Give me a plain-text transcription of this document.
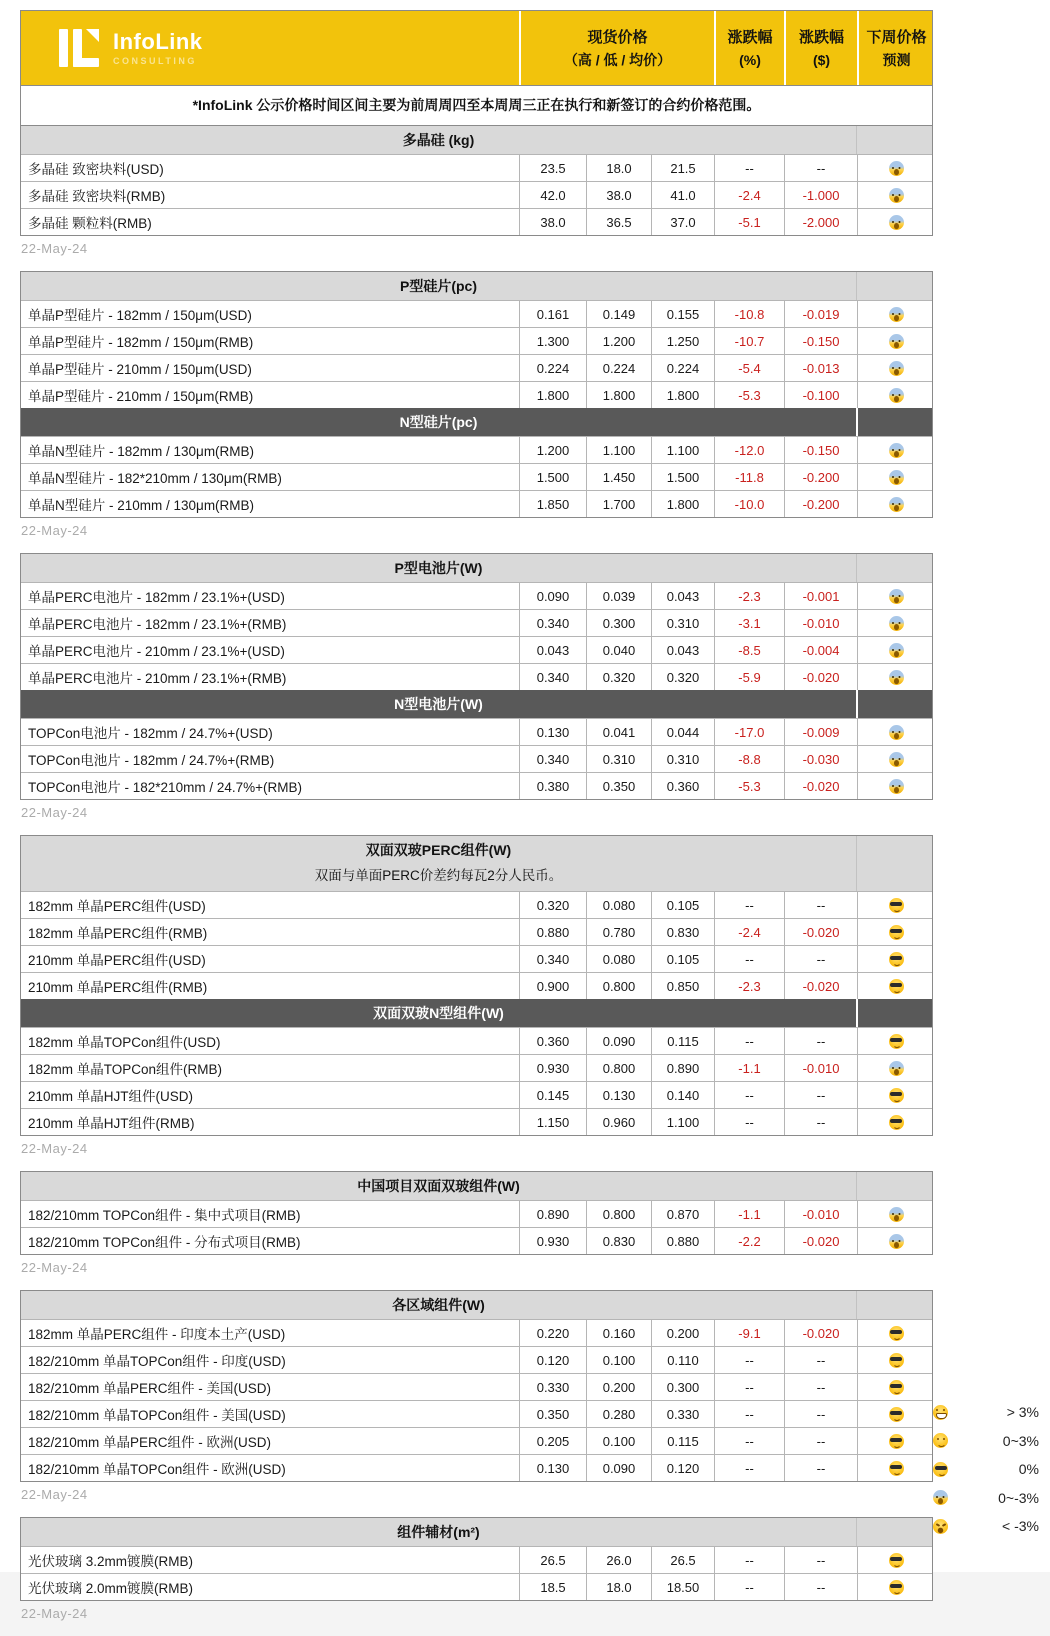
InfoLink
CONSULTING
现货价格
（高 / 低 / 均价）
涨跌幅
(%)
涨跌幅
($)
下周价格
预测
*InfoLink 公示价格时间区间主要为前周周四至本周周三正在执行和新签订的合约价格范围。
多晶硅 (kg)
多晶硅 致密块料(USD)	23.5	18.0	21.5	--	--
多晶硅 致密块料(RMB)	42.0	38.0	41.0	-2.4	-1.000
多晶硅 颗粒料(RMB)	38.0	36.5	37.0	-5.1	-2.000
22-May-24
P型硅片(pc)
单晶P型硅片 - 182mm / 150μm(USD)	0.161	0.149	0.155	-10.8	-0.019
单晶P型硅片 - 182mm / 150μm(RMB)	1.300	1.200	1.250	-10.7	-0.150
单晶P型硅片 - 210mm / 150μm(USD)	0.224	0.224	0.224	-5.4	-0.013
单晶P型硅片 - 210mm / 150μm(RMB)	1.800	1.800	1.800	-5.3	-0.100
N型硅片(pc)
单晶N型硅片 - 182mm / 130μm(RMB)	1.200	1.100	1.100	-12.0	-0.150
单晶N型硅片 - 182*210mm / 130μm(RMB)	1.500	1.450	1.500	-11.8	-0.200
单晶N型硅片 - 210mm / 130μm(RMB)	1.850	1.700	1.800	-10.0	-0.200
22-May-24
P型电池片(W)
单晶PERC电池片 - 182mm / 23.1%+(USD)	0.090	0.039	0.043	-2.3	-0.001
单晶PERC电池片 - 182mm / 23.1%+(RMB)	0.340	0.300	0.310	-3.1	-0.010
单晶PERC电池片 - 210mm / 23.1%+(USD)	0.043	0.040	0.043	-8.5	-0.004
单晶PERC电池片 - 210mm / 23.1%+(RMB)	0.340	0.320	0.320	-5.9	-0.020
N型电池片(W)
TOPCon电池片 - 182mm / 24.7%+(USD)	0.130	0.041	0.044	-17.0	-0.009
TOPCon电池片 - 182mm / 24.7%+(RMB)	0.340	0.310	0.310	-8.8	-0.030
TOPCon电池片 - 182*210mm / 24.7%+(RMB)	0.380	0.350	0.360	-5.3	-0.020
22-May-24
双面双玻PERC组件(W)
双面与单面PERC价差约每瓦2分人民币。
182mm 单晶PERC组件(USD)	0.320	0.080	0.105	--	--
182mm 单晶PERC组件(RMB)	0.880	0.780	0.830	-2.4	-0.020
210mm 单晶PERC组件(USD)	0.340	0.080	0.105	--	--
210mm 单晶PERC组件(RMB)	0.900	0.800	0.850	-2.3	-0.020
双面双玻N型组件(W)
182mm 单晶TOPCon组件(USD)	0.360	0.090	0.115	--	--
182mm 单晶TOPCon组件(RMB)	0.930	0.800	0.890	-1.1	-0.010
210mm 单晶HJT组件(USD)	0.145	0.130	0.140	--	--
210mm 单晶HJT组件(RMB)	1.150	0.960	1.100	--	--
22-May-24
中国项目双面双玻组件(W)
182/210mm TOPCon组件 - 集中式项目(RMB)	0.890	0.800	0.870	-1.1	-0.010
182/210mm TOPCon组件 - 分布式项目(RMB)	0.930	0.830	0.880	-2.2	-0.020
22-May-24
各区域组件(W)
182mm 单晶PERC组件 - 印度本土产(USD)	0.220	0.160	0.200	-9.1	-0.020
182/210mm 单晶TOPCon组件 - 印度(USD)	0.120	0.100	0.110	--	--
182/210mm 单晶PERC组件 - 美国(USD)	0.330	0.200	0.300	--	--
182/210mm 单晶TOPCon组件 - 美国(USD)	0.350	0.280	0.330	--	--
182/210mm 单晶PERC组件 - 欧洲(USD)	0.205	0.100	0.115	--	--
182/210mm 单晶TOPCon组件 - 欧洲(USD)	0.130	0.090	0.120	--	--
22-May-24
组件辅材(m²)
光伏玻璃 3.2mm镀膜(RMB)	26.5	26.0	26.5	--	--
光伏玻璃 2.0mm镀膜(RMB)	18.5	18.0	18.50	--	--
22-May-24
> 3%
0~3%
0%
0~-3%
< -3%
